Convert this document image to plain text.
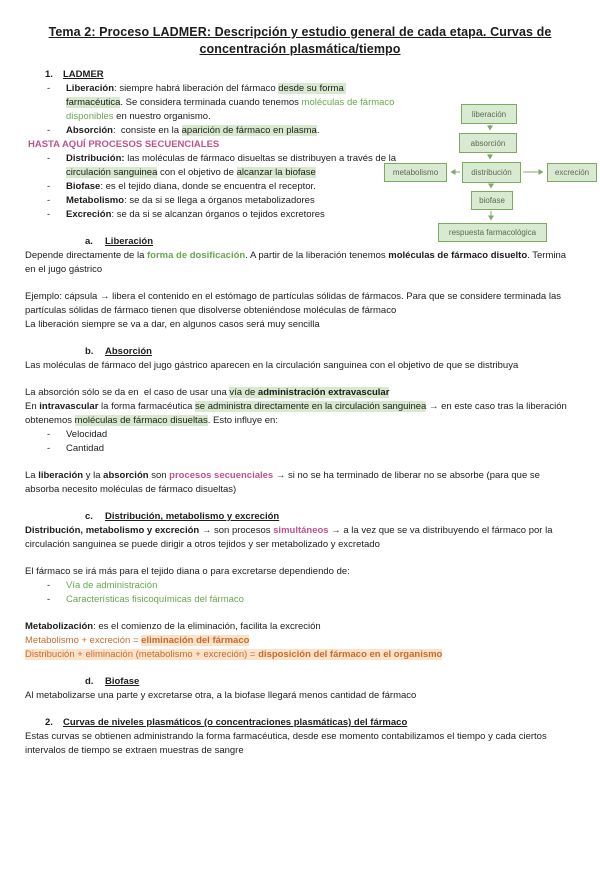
Tema 2: Proceso LADMER: Descripción y estudio general de cada etapa. Curvas de concentración plasmática/tiempo
liberación
absorción
metabolismo	distribución	excreción
biofase
respuesta farmacológica
1. LADMER
- Liberación: siempre habrá liberación del fármaco desde su forma farmacéutica. Se considera terminada cuando tenemos moléculas de fármaco disponibles en nuestro organismo.
- Absorción:  consiste en la aparición de fármaco en plasma.
HASTA AQUÍ PROCESOS SECUENCIALES
- Distribución: las moléculas de fármaco disueltas se distribuyen a través de la circulación sanguinea con el objetivo de alcanzar la biofase
- Biofase: es el tejido diana, donde se encuentra el receptor.
- Metabolismo: se da si se llega a órganos metabolizadores
- Excreción: se da si se alcanzan órganos o tejidos excretores
a. Liberación
Depende directamente de la forma de dosificación. A partir de la liberación tenemos moléculas de fármaco disuelto. Termina en el jugo gástrico
Ejemplo: cápsula → libera el contenido en el estómago de partículas sólidas de fármacos. Para que se considere terminada las partículas sólidas de fármaco tienen que disolverse obteniéndose moléculas de fármaco
La liberación siempre se va a dar, en algunos casos será muy sencilla
b. Absorción
Las moléculas de fármaco del jugo gástrico aparecen en la circulación sanguinea con el objetivo de que se distribuya
La absorción sólo se da en  el caso de usar una vía de administración extravascular
En intravascular la forma farmacéutica se administra directamente en la circulación sanguinea → en este caso tras la liberación obtenemos moléculas de fármaco disueltas. Esto influye en:
- Velocidad
- Cantidad
La liberación y la absorción son procesos secuenciales → si no se ha terminado de liberar no se absorbe (para que se absorba necesito moléculas de fármaco disueltas)
c. Distribución, metabolismo y excreción
Distribución, metabolismo y excreción → son procesos simultáneos → a la vez que se va distribuyendo el fármaco por la circulación sanguinea se puede dirigir a otros tejidos y ser metabolizado y excretado
El fármaco se irá más para el tejido diana o para excretarse dependiendo de:
- Vía de administración
- Características fisicoquímicas del fármaco
Metabolización: es el comienzo de la eliminación, facilita la excreción
Metabolismo + excreción = eliminación del fármaco
Distribución + eliminación (metabolismo + excreción) = disposición del fármaco en el organismo
d. Biofase
Al metabolizarse una parte y excretarse otra, a la biofase llegará menos cantidad de fármaco
2. Curvas de niveles plasmáticos (o concentraciones plasmáticas) del fármaco
Estas curvas se obtienen administrando la forma farmacéutica, desde ese momento contabilizamos el tiempo y cada ciertos intervalos de tiempo se extraen muestras de sangre
